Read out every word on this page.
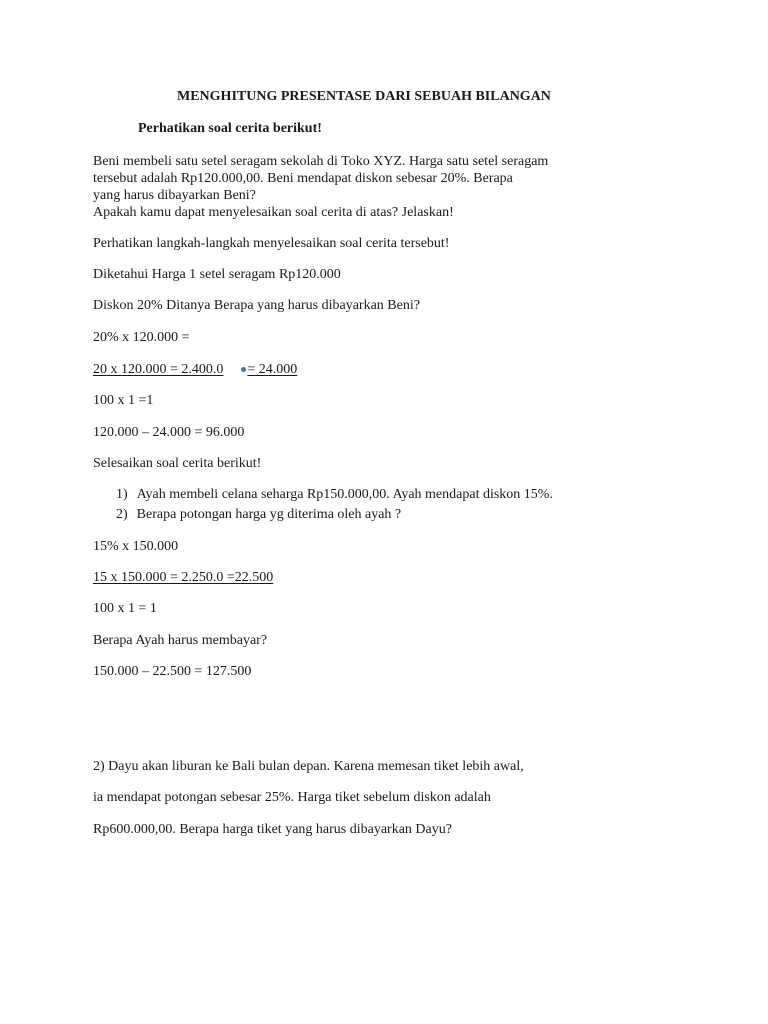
MENGHITUNG PRESENTASE DARI SEBUAH BILANGAN
Perhatikan soal cerita berikut!
Beni membeli satu setel seragam sekolah di Toko XYZ. Harga satu setel seragam
tersebut adalah Rp120.000,00. Beni mendapat diskon sebesar 20%. Berapa
yang harus dibayarkan Beni?
Apakah kamu dapat menyelesaikan soal cerita di atas? Jelaskan!
Perhatikan langkah-langkah menyelesaikan soal cerita tersebut!
Diketahui Harga 1 setel seragam Rp120.000
Diskon 20% Ditanya Berapa yang harus dibayarkan Beni?
20% x 120.000 =
20 x 120.000 = 2.400.0 = 24.000
100 x 1 =1
120.000 – 24.000 = 96.000
Selesaikan soal cerita berikut!
1) Ayah membeli celana seharga Rp150.000,00. Ayah mendapat diskon 15%.
2) Berapa potongan harga yg diterima oleh ayah ?
15% x 150.000
15 x 150.000 = 2.250.0 =22.500
100 x 1 = 1
Berapa Ayah harus membayar?
150.000 – 22.500 = 127.500
2) Dayu akan liburan ke Bali bulan depan. Karena memesan tiket lebih awal,
ia mendapat potongan sebesar 25%. Harga tiket sebelum diskon adalah
Rp600.000,00. Berapa harga tiket yang harus dibayarkan Dayu?
